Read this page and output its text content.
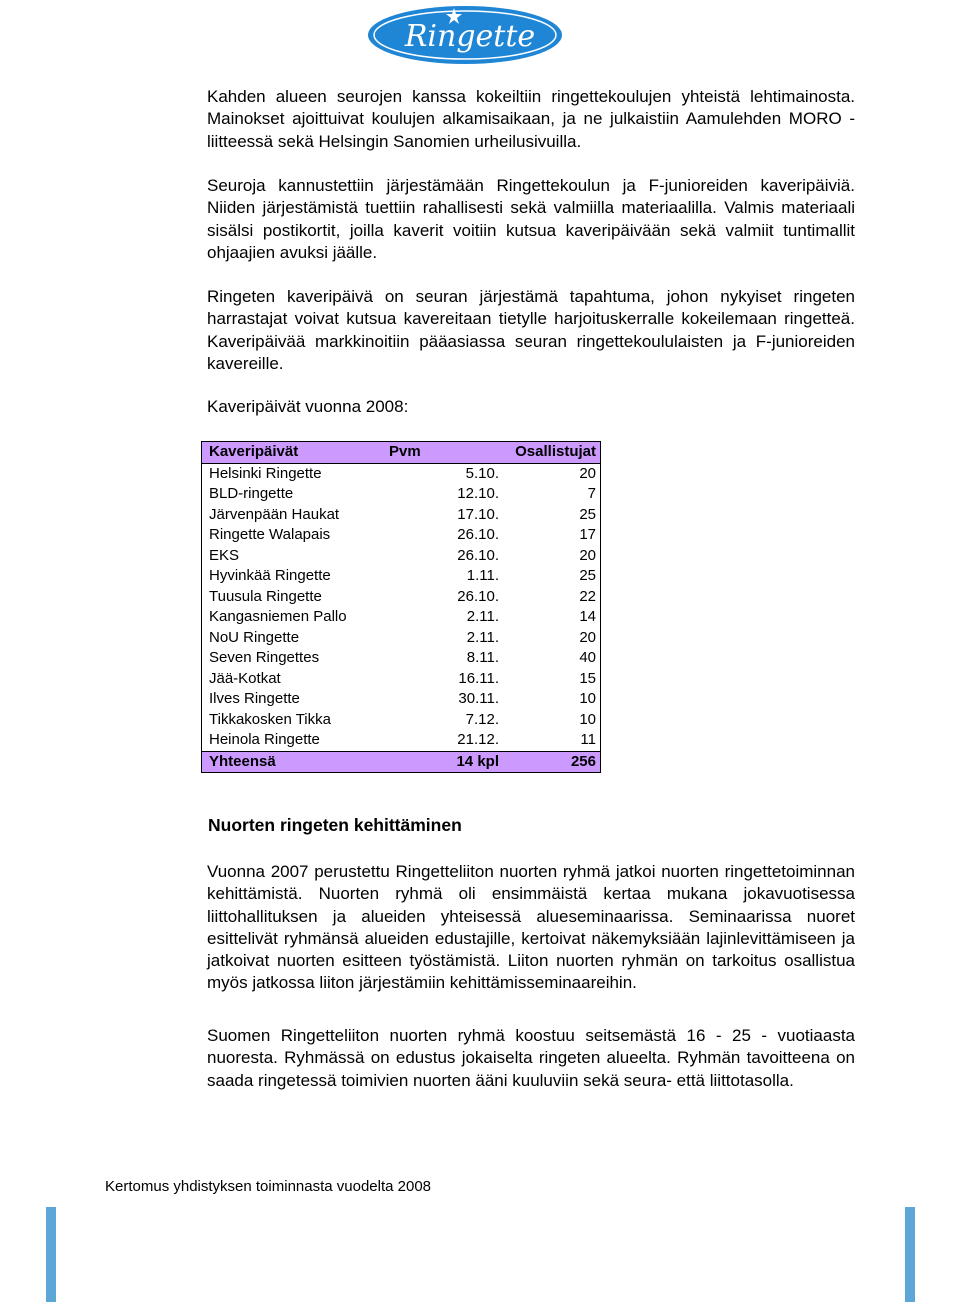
Ringette

Kahden alueen seurojen kanssa kokeiltiin ringettekoulujen yhteistä lehtimainosta. Mainokset ajoittuivat koulujen alkamisaikaan, ja ne julkaistiin Aamulehden MORO -liitteessä sekä Helsingin Sanomien urheilusivuilla.

Seuroja kannustettiin järjestämään Ringettekoulun ja F-junioreiden kaveripäiviä. Niiden järjestämistä tuettiin rahallisesti sekä valmiilla materiaalilla. Valmis materiaali sisälsi postikortit, joilla kaverit voitiin kutsua kaveripäivään sekä valmiit tuntimallit ohjaajien avuksi jäälle.

Ringeten kaveripäivä on seuran järjestämä tapahtuma, johon nykyiset ringeten harrastajat voivat kutsua kavereitaan tietylle harjoituskerralle kokeilemaan ringetteä. Kaveripäivää markkinoitiin pääasiassa seuran ringettekoululaisten ja F-junioreiden kavereille.

Kaveripäivät vuonna 2008:

Kaveripäivät	Pvm	Osallistujat
Helsinki Ringette	5.10.	20
BLD-ringette	12.10.	7
Järvenpään Haukat	17.10.	25
Ringette Walapais	26.10.	17
EKS	26.10.	20
Hyvinkää Ringette	1.11.	25
Tuusula Ringette	26.10.	22
Kangasniemen Pallo	2.11.	14
NoU Ringette	2.11.	20
Seven Ringettes	8.11.	40
Jää-Kotkat	16.11.	15
Ilves Ringette	30.11.	10
Tikkakosken Tikka	7.12.	10
Heinola Ringette	21.12.	11
Yhteensä	14 kpl	256

Nuorten ringeten kehittäminen

Vuonna 2007 perustettu Ringetteliiton nuorten ryhmä jatkoi nuorten ringettetoiminnan kehittämistä. Nuorten ryhmä oli ensimmäistä kertaa mukana jokavuotisessa liittohallituksen ja alueiden yhteisessä alueseminaarissa. Seminaarissa nuoret esittelivät ryhmänsä alueiden edustajille, kertoivat näkemyksiään lajinlevittämiseen ja jatkoivat nuorten esitteen työstämistä. Liiton nuorten ryhmän on tarkoitus osallistua myös jatkossa liiton järjestämiin kehittämisseminaareihin.

Suomen Ringetteliiton nuorten ryhmä koostuu seitsemästä 16 - 25 - vuotiaasta nuoresta. Ryhmässä on edustus jokaiselta ringeten alueelta. Ryhmän tavoitteena on saada ringetessä toimivien nuorten ääni kuuluviin sekä seura- että liittotasolla.

Kertomus yhdistyksen toiminnasta vuodelta 2008
